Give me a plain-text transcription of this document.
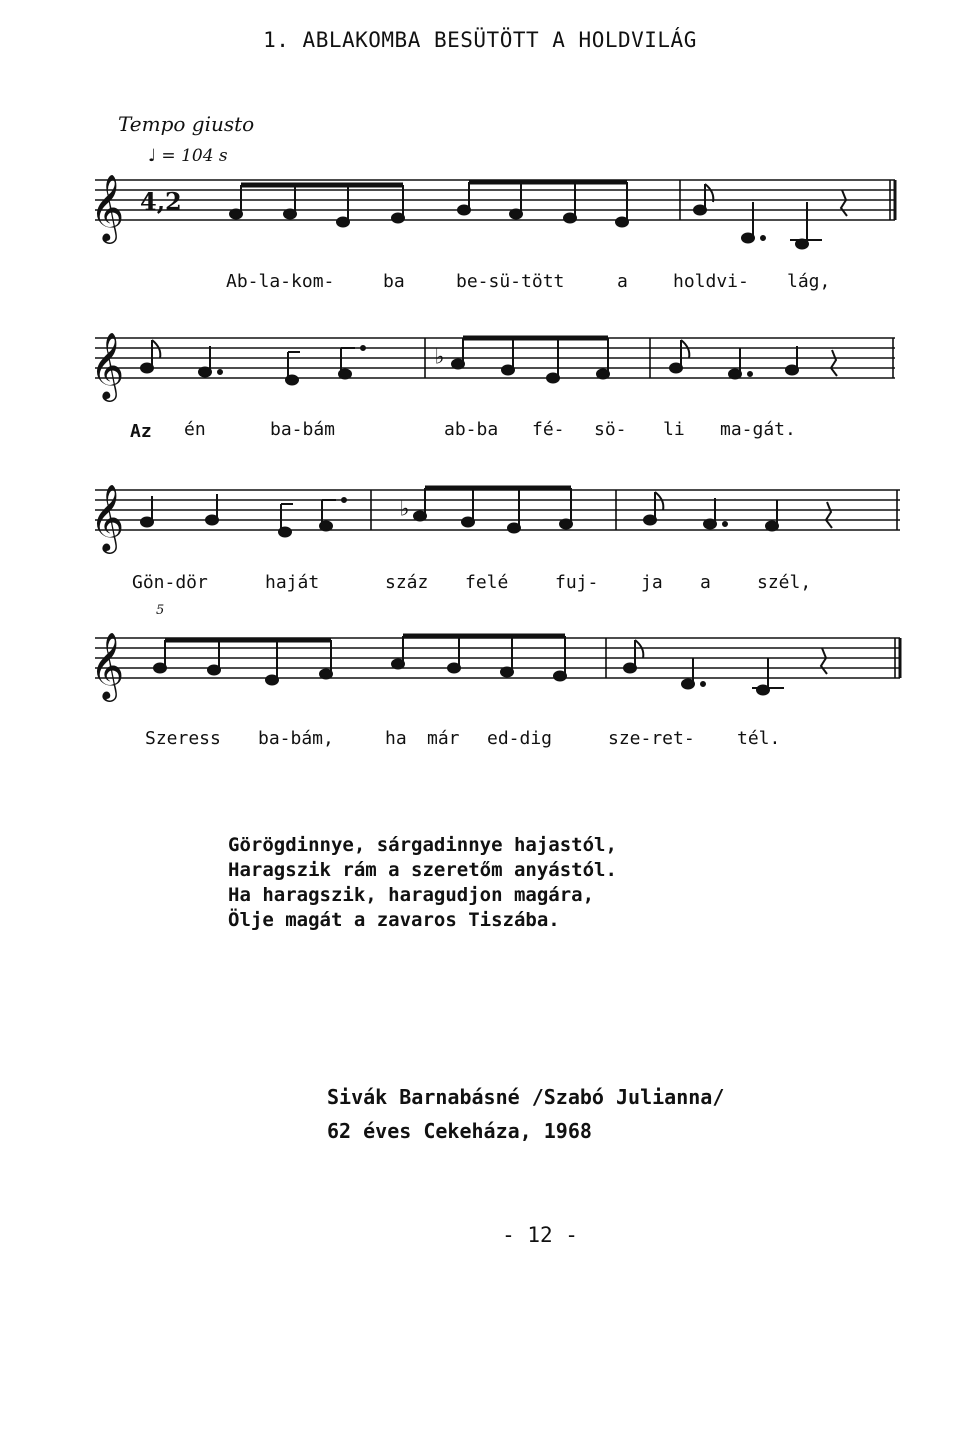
1. ABLAKOMBA BESÜTÖTT A HOLDVILÁG
Tempo giusto
♩ = 104 s
𝄞 4,2
Ab-la-kom-	ba	be-sü-tött	a	holdvi- lág,
𝄞	♭
Az én	ba-bám	ab-ba fé- sö- li ma-gát.
𝄞	♭
Gön-dör	haját	száz felé	fuj- ja a	szél,
5
𝄞
Szeress ba-bám,	ha már ed-dig	sze-ret- tél.
Görögdinnye, sárgadinnye hajastól,
Haragszik rám a szeretőm anyástól.
Ha haragszik, haragudjon magára,
Ölje magát a zavaros Tiszába.
Sivák Barnabásné /Szabó Julianna/
62 éves Cekeháza, 1968
- 12 -
